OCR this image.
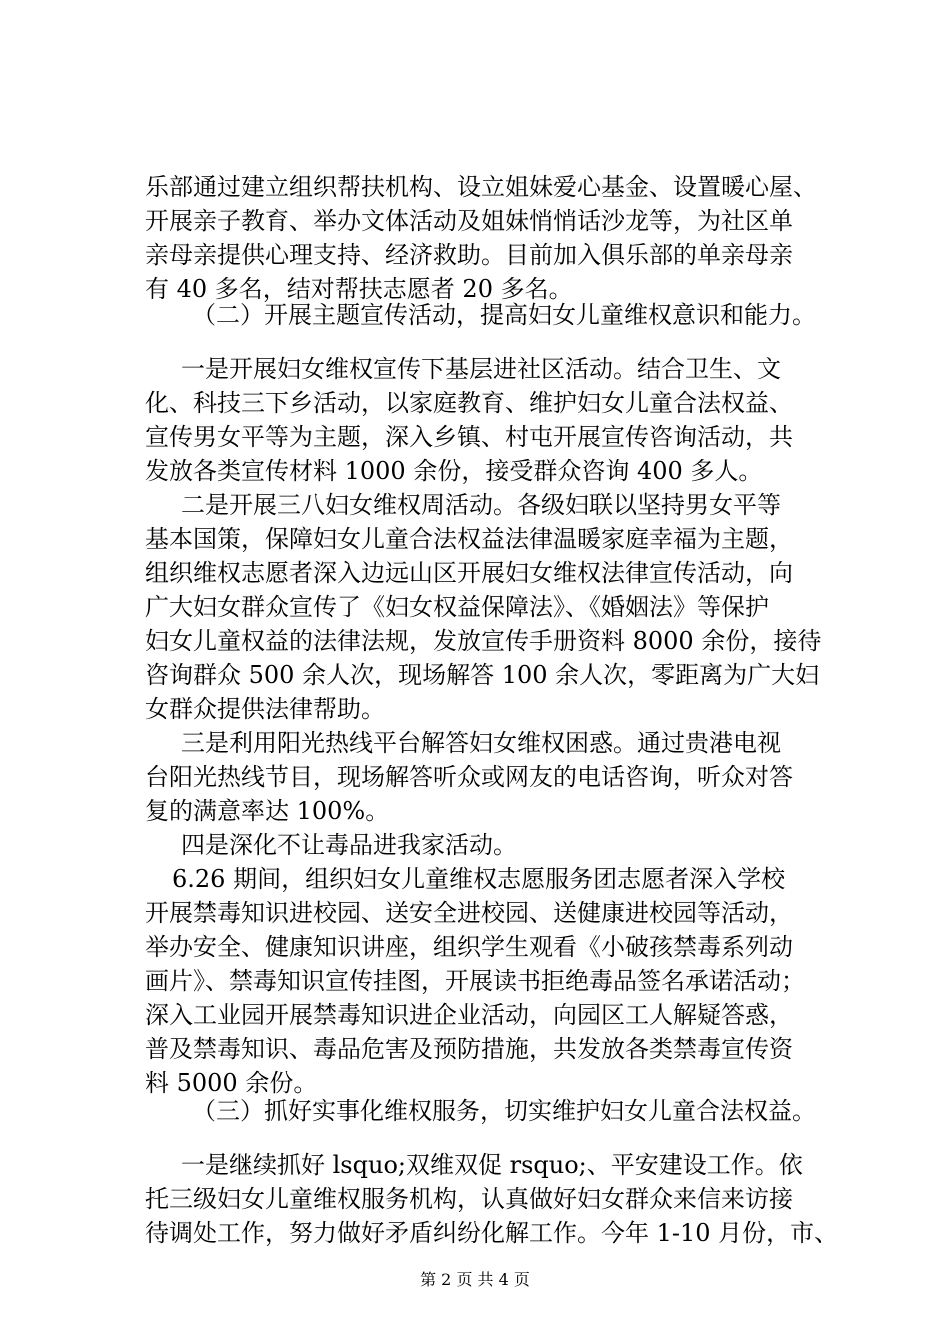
乐部通过建立组织帮扶机构、设立姐妹爱心基金、设置暖心屋、
开展亲子教育、举办文体活动及姐妹悄悄话沙龙等，为社区单
亲母亲提供心理支持、经济救助。目前加入俱乐部的单亲母亲
有 40 多名，结对帮扶志愿者 20 多名。
（二）开展主题宣传活动，提高妇女儿童维权意识和能力。
一是开展妇女维权宣传下基层进社区活动。结合卫生、文
化、科技三下乡活动，以家庭教育、维护妇女儿童合法权益、
宣传男女平等为主题，深入乡镇、村屯开展宣传咨询活动，共
发放各类宣传材料 1000 余份，接受群众咨询 400 多人。
二是开展三八妇女维权周活动。各级妇联以坚持男女平等
基本国策，保障妇女儿童合法权益法律温暖家庭幸福为主题，
组织维权志愿者深入边远山区开展妇女维权法律宣传活动，向
广大妇女群众宣传了《妇女权益保障法》、《婚姻法》等保护
妇女儿童权益的法律法规，发放宣传手册资料 8000 余份，接待
咨询群众 500 余人次，现场解答 100 余人次，零距离为广大妇
女群众提供法律帮助。
三是利用阳光热线平台解答妇女维权困惑。通过贵港电视
台阳光热线节目，现场解答听众或网友的电话咨询，听众对答
复的满意率达 100%。
四是深化不让毒品进我家活动。
6.26 期间，组织妇女儿童维权志愿服务团志愿者深入学校
开展禁毒知识进校园、送安全进校园、送健康进校园等活动，
举办安全、健康知识讲座，组织学生观看《小破孩禁毒系列动
画片》、禁毒知识宣传挂图，开展读书拒绝毒品签名承诺活动；
深入工业园开展禁毒知识进企业活动，向园区工人解疑答惑，
普及禁毒知识、毒品危害及预防措施，共发放各类禁毒宣传资
料 5000 余份。
（三）抓好实事化维权服务，切实维护妇女儿童合法权益。
一是继续抓好 lsquo;双维双促 rsquo;、平安建设工作。依
托三级妇女儿童维权服务机构，认真做好妇女群众来信来访接
待调处工作，努力做好矛盾纠纷化解工作。今年 1-10 月份，市、
第 2 页 共 4 页
